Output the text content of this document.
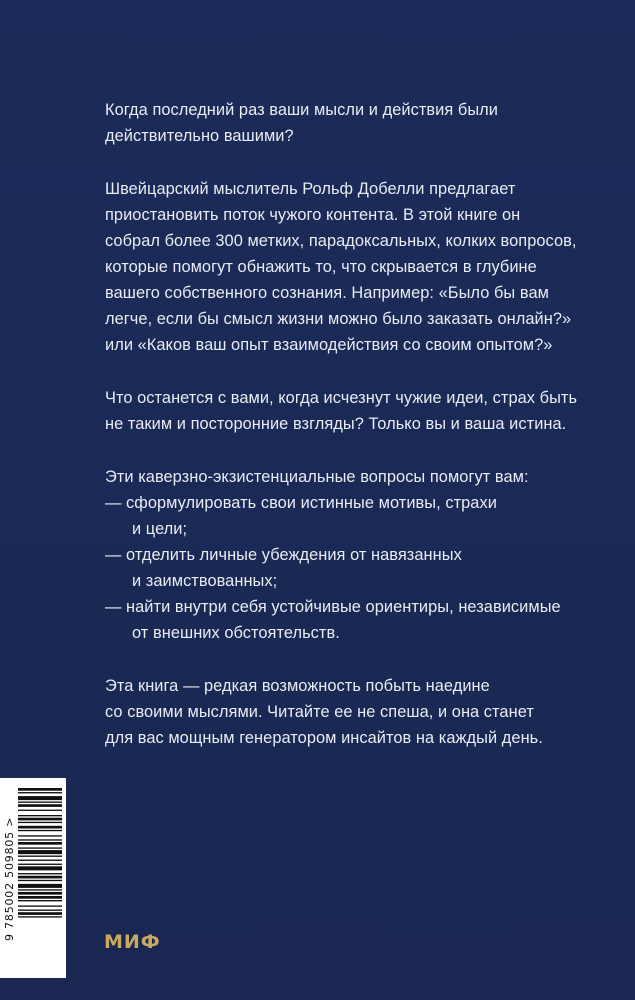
Когда последний раз ваши мысли и действия были
действительно вашими?

Швейцарский мыслитель Рольф Добелли предлагает
приостановить поток чужого контента. В этой книге он
собрал более 300 метких, парадоксальных, колких вопросов,
которые помогут обнажить то, что скрывается в глубине
вашего собственного сознания. Например: «Было бы вам
легче, если бы смысл жизни можно было заказать онлайн?»
или «Каков ваш опыт взаимодействия со своим опытом?»

Что останется с вами, когда исчезнут чужие идеи, страх быть
не таким и посторонние взгляды? Только вы и ваша истина.

Эти каверзно-экзистенциальные вопросы помогут вам:
— сформулировать свои истинные мотивы, страхи
и цели;
— отделить личные убеждения от навязанных
и заимствованных;
— найти внутри себя устойчивые ориентиры, независимые
от внешних обстоятельств.

Эта книга — редкая возможность побыть наедине
со своими мыслями. Читайте ее не спеша, и она станет
для вас мощным генератором инсайтов на каждый день.

9 785002 509805 >
МИФ
